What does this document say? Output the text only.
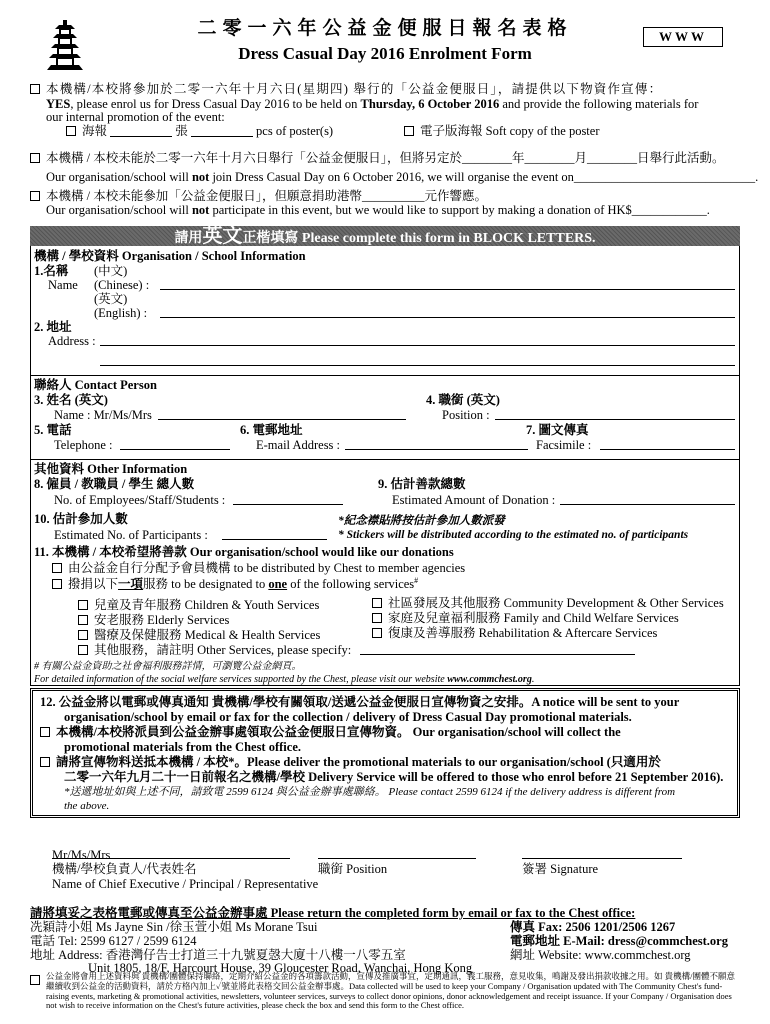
二零一六年公益金便服日報名表格
Dress Casual Day 2016 Enrolment Form
WWW
本機構/本校將參加於二零一六年十月六日(星期四) 舉行的「公益金便服日」，請提供以下物資作宣傳：
YES, please enrol us for Dress Casual Day 2016 to be held on Thursday, 6 October 2016 and provide the following materials for
our internal promotion of the event:
海報	張	pcs of poster(s)	電子版海報 Soft copy of the poster
本機構 / 本校未能於二零一六年十月六日舉行「公益金便服日」，但將另定於________年________月________日舉行此活動。
Our organisation/school will not join Dress Casual Day on 6 October 2016, we will organise the event on_____________________________.
本機構 / 本校未能參加「公益金便服日」，但願意捐助港幣__________元作響應。
Our organisation/school will not participate in this event, but we would like to support by making a donation of HK$____________.
請用英文正楷填寫 Please complete this form in BLOCK LETTERS.
機構 / 學校資料 Organisation / School Information
1.名稱 (中文)
Name (Chinese) :
(英文)
(English) :
2. 地址
Address :
聯絡人 Contact Person
3. 姓名 (英文)
Name : Mr/Ms/Mrs
4. 職銜 (英文)
Position :
5. 電話
Telephone :
6. 電郵地址
E-mail Address :
7. 圖文傳真
Facsimile :
其他資料 Other Information
8. 僱員 / 教職員 / 學生 總人數
No. of Employees/Staff/Students :
9. 估計善款總數
Estimated Amount of Donation :
10. 估計參加人數
Estimated No. of Participants :
*紀念襟貼將按估計參加人數派發
* Stickers will be distributed according to the estimated no. of participants
11. 本機構 / 本校希望將善款 Our organisation/school would like our donations
由公益金自行分配予會員機構 to be distributed by Chest to member agencies
撥捐以下一項服務 to be designated to one of the following services#
兒童及青年服務 Children & Youth Services
安老服務 Elderly Services
醫療及保健服務 Medical & Health Services
其他服務，請註明 Other Services, please specify:
社區發展及其他服務 Community Development & Other Services
家庭及兒童福利服務 Family and Child Welfare Services
復康及善導服務 Rehabilitation & Aftercare Services
# 有關公益金資助之社會福利服務詳情，可瀏覽公益金網頁。
For detailed information of the social welfare services supported by the Chest, please visit our website www.commchest.org.
12. 公益金將以電郵或傳真通知 貴機構/學校有關領取/送遞公益金便服日宣傳物資之安排。A notice will be sent to your
organisation/school by email or fax for the collection / delivery of Dress Casual Day promotional materials.
本機構/本校將派員到公益金辦事處領取公益金便服日宣傳物資。 Our organisation/school will collect the
promotional materials from the Chest office.
請將宣傳物料送抵本機構 / 本校*。Please deliver the promotional materials to our organisation/school (只適用於
二零一六年九月二十一日前報名之機構/學校 Delivery Service will be offered to those who enrol before 21 September 2016).
*送遞地址如與上述不同，請致電 2599 6124 與公益金辦事處聯絡。 Please contact 2599 6124 if the delivery address is different from
the above.
Mr/Ms/Mrs
機構/學校負責人/代表姓名
Name of Chief Executive / Principal / Representative
職銜 Position	簽署 Signature
請將填妥之表格電郵或傳真至公益金辦事處 Please return the completed form by email or fax to the Chest office:
冼穎詩小姐 Ms Jayne Sin /徐玉萱小姐 Ms Morane Tsui
電話 Tel: 2599 6127 / 2599 6124
地址 Address: 香港灣仔告士打道三十九號夏愨大廈十八樓一八零五室
Unit 1805, 18/F, Harcourt House, 39 Gloucester Road, Wanchai, Hong Kong
傳真 Fax: 2506 1201/2506 1267
電郵地址 E-Mail: dress@commchest.org
網址 Website: www.commchest.org
公益金將會用上述資料與 貴機構/團體保持聯絡，定期介紹公益金的各項籌款活動，宣傳及推廣事宜，定期通訊，義工服務，意見收集，鳴謝及發出捐款收據之用。如 貴機構/團體不願意繼續收到公益金的活動資料，請於方格內加上✓號並將此表格交回公益金辦事處。Data collected will be used to keep your Company / Organisation updated with The Community Chest's fund-raising events, marketing & promotional activities, newsletters, volunteer services, surveys to collect donor opinions, donor acknowledgement and receipt issuance. If your Company / Organisation does not wish to receive information on the Chest's future activities, please check the box and send this form to the Chest office.
